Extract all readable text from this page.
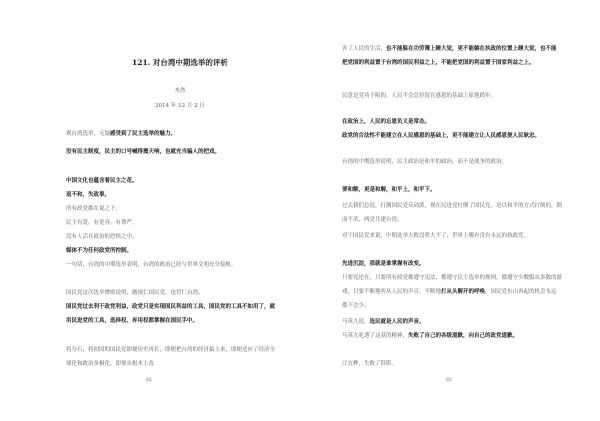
121. 对台湾中期选举的评析
木然
2014 年 12 月 2 日

观台湾选举，无疑感受到了民主选举的魅力。

没有民主制度，民主的口号喊得震天响，也就充当骗人的把戏。

中国文化也蕴含着民主之花。

返不和，失政事。

所有政党都在说之下。

民主有爱，有宽容，有尊严。

没有人活在政治的恐惧之中。

媒体不为任何政党所控制。

一句话，台湾的中期选举表明，台湾的政治已经与世界文明充分接轨。

国民党这次选举惨败说明，做视仁国民党，也管仁台湾。

国民党过去利于政党利益，政党只是实现国民利益的工具，国民党的工具不如用了，就用民进党的工具，选择权、弃用权都掌握在国民手中。

将分石，将初国的国民党即便历史再长，即便把台湾的经济搞上来，即便适应了经济全球化和政治多极化，即便从根本上改

82

善了人民的生活，也不能躲在功劳簿上睡大觉，更不能躺在执政的位置上睡大觉，也不能把党国的利益置于台湾的国民利益之上，不能把党国的利益置于国家利益之上。

民意是党功不陷的，人民不会总停留在感恩的基础上原地踏步。

在政治上，人民的忘恩负义是常态。

政党的合法性不能建立在人民感恩的基础上，更不能建立让人民感恩便人民耿忠。

台湾的中期选举说明，民主政治是和平的政治，而不是战争的政治。

要和解，更是和解，和平上，和平下。

过去我们总说，打倒国民党反动派，现在民进党打倒了国民党，是以和平的方式打倒的，倒而不杀，两党共建台湾。

对于国民党来说，中期选举大败没啥大不了，世界上哪有没有永远的执政党。

先进沉淀，那就是谁掌握有改变。

只要党还在，只要所有政党都遵守宪法，都遵守民主选举的规则，都遵守少数服从多数的游戏，只要不断地听从人民的声音，不断地打从头解开的呼唤，国民党东山再起的机会永远都不会少。

马英九说，选民就是人民的声音。

马英九吃透了这基的精神，失败了自己的各级道歉，向自己的政党道歉。

江宜桦，失败了辞职。

83
